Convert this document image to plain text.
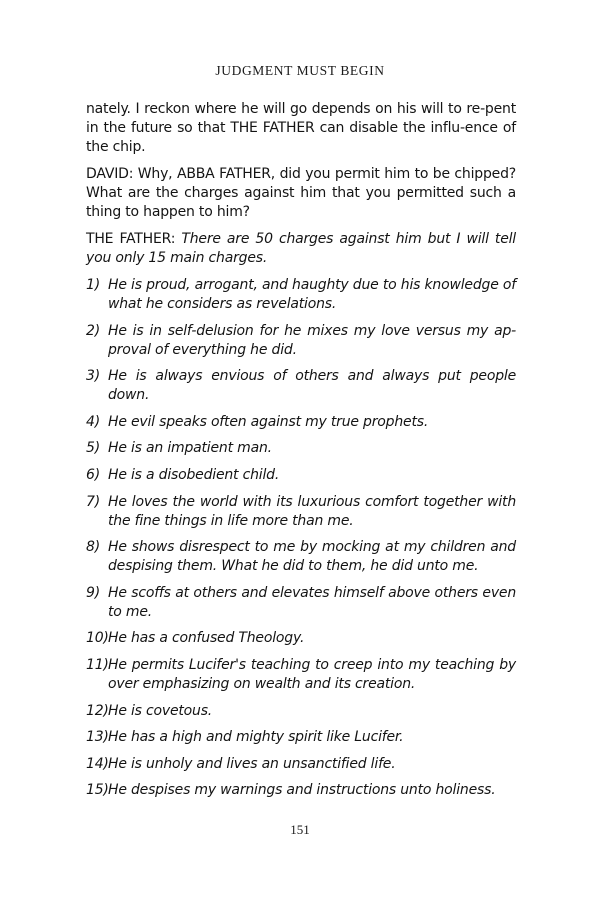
JUDGMENT MUST BEGIN

nately. I reckon where he will go depends on his will to re-pent in the future so that THE FATHER can disable the influ-ence of the chip.

DAVID: Why, ABBA FATHER, did you permit him to be chipped? What are the charges against him that you permitted such a thing to happen to him?

THE FATHER: There are 50 charges against him but I will tell you only 15 main charges.

1) He is proud, arrogant, and haughty due to his knowledge of what he considers as revelations.
2) He is in self-delusion for he mixes my love versus my ap-proval of everything he did.
3) He is always envious of others and always put people down.
4) He evil speaks often against my true prophets.
5) He is an impatient man.
6) He is a disobedient child.
7) He loves the world with its luxurious comfort together with the fine things in life more than me.
8) He shows disrespect to me by mocking at my children and despising them. What he did to them, he did unto me.
9) He scoffs at others and elevates himself above others even to me.
10) He has a confused Theology.
11) He permits Lucifer's teaching to creep into my teaching by over emphasizing on wealth and its creation.
12) He is covetous.
13) He has a high and mighty spirit like Lucifer.
14) He is unholy and lives an unsanctified life.
15) He despises my warnings and instructions unto holiness.
151
